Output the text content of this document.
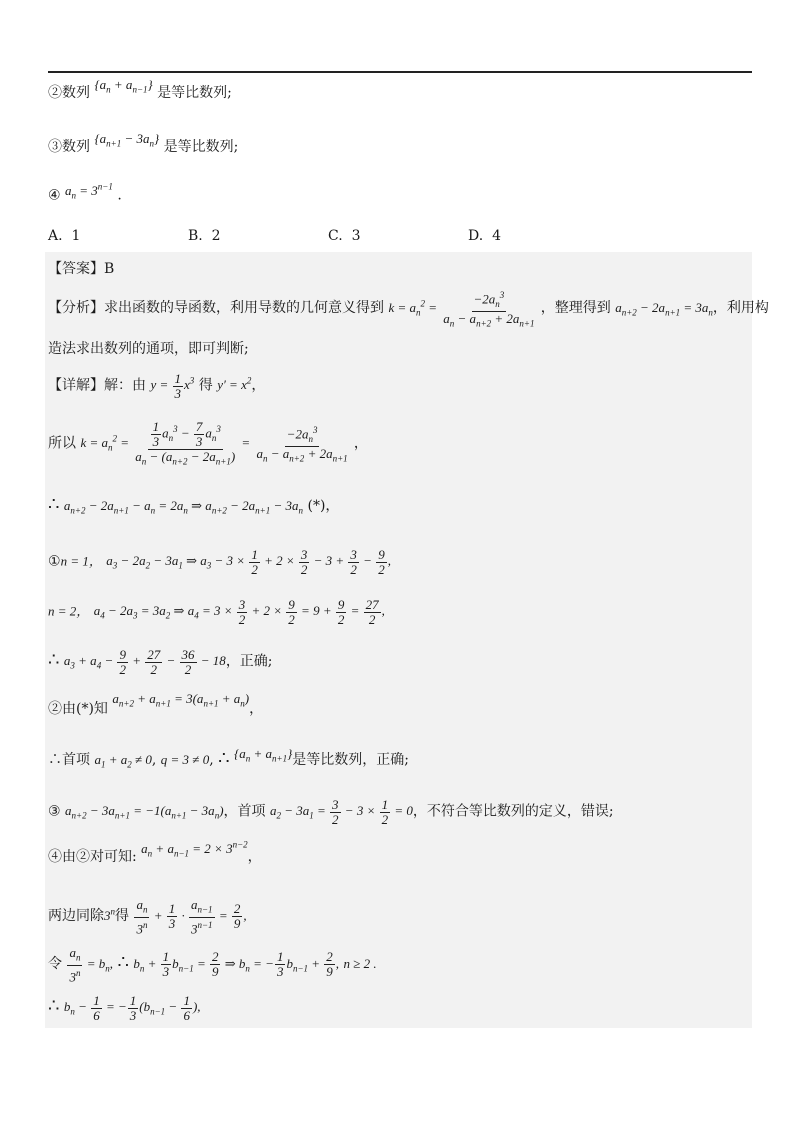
②数列 $\{a_n + a_{n-1}\}$ 是等比数列;
③数列 $\{a_{n+1} - 3a_n\}$ 是等比数列;
④ $a_n = 3^{n-1}$ .
A. 1	B. 2	C. 3	D. 4
【答案】B
【分析】求出函数的导函数，利用导数的几何意义得到 $k = a_n^2 = \frac{-2a_n^3}{a_n - a_{n+2} + 2a_{n+1}}$ ，整理得到 $a_{n+2} - 2a_{n+1} = 3a_n$，利用构
造法求出数列的通项，即可判断;
【详解】解：由 $y = \frac{1}{3} x^3$ 得 $y' = x^2$，
所以 $k = a_n^2 = \frac{\frac{1}{3} a_n^3 - \frac{7}{3} a_n^3}{a_n - (a_{n+2} - 2a_{n+1})} = \frac{-2a_n^3}{a_n - a_{n+2} + 2a_{n+1}}$ ，
∴ $a_{n+2} - 2a_{n+1} - a_n = 2a_n$ ⇒ $a_{n+2} - 2a_{n+1} - 3a_n$ (*)，
①n = 1， $a_3 - 2a_2 - 3a_1$ ⇒ $a_3 - 3 \times \frac{1}{2} + 2 \times \frac{3}{2} - 3 + \frac{3}{2} - \frac{9}{2}$ ,
n = 2， $a_4 - 2a_3 = 3a_2$ ⇒ $a_4 = 3 \times \frac{3}{2} + 2 \times \frac{9}{2} = 9 + \frac{9}{2} = \frac{27}{2}$ ,
∴ $a_3 + a_4 - \frac{9}{2} + \frac{27}{2} - \frac{36}{2} - 18$，正确;
②由(*)知 $a_{n+2} + a_{n+1} = 3(a_{n+1} + a_n)$，
∴首项 $a_1 + a_2 \ne 0$, q = 3 ≠ 0, ∴ $\{a_n + a_{n+1}\}$是等比数列，正确;
③ $a_{n+2} - 3a_{n+1} = -1(a_{n+1} - 3a_n)$，首项 $a_2 - 3a_1 = \frac{3}{2} - 3 \times \frac{1}{2} = 0$，不符合等比数列的定义，错误;
④由②对可知: $a_n + a_{n-1} = 2 \times 3^{n-2}$，
两边同除3$^n$得 $\frac{a_n}{3^n} + \frac{1}{3} \cdot \frac{a_{n-1}}{3^{n-1}} = \frac{2}{9}$ ,
令 $\frac{a_n}{3^n} = b_n$, ∴ $b_n + \frac{1}{3} b_{n-1} = \frac{2}{9}$ ⇒ $b_n$ = − $\frac{1}{3} b_{n-1} + \frac{2}{9}$ , n ≥ 2 .
∴ $b_n - \frac{1}{6}$ = − $\frac{1}{3} (b_{n-1} - \frac{1}{6}$ ),
